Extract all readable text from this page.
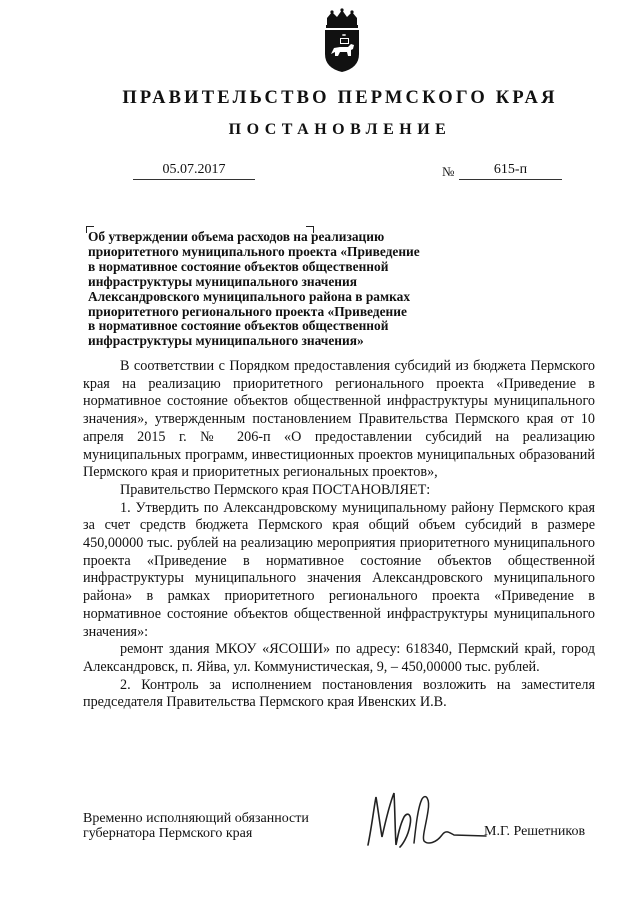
ПРАВИТЕЛЬСТВО ПЕРМСКОГО КРАЯ
ПОСТАНОВЛЕНИЕ
05.07.2017	№	615-п
Об утверждении объема расходов на реализацию
приоритетного муниципального проекта «Приведение
в нормативное состояние объектов общественной
инфраструктуры муниципального значения
Александровского муниципального района в рамках
приоритетного регионального проекта «Приведение
в нормативное состояние объектов общественной
инфраструктуры муниципального значения»

В соответствии с Порядком предоставления субсидий из бюджета Пермского края на реализацию приоритетного регионального проекта «Приведение в нормативное состояние объектов общественной инфраструктуры муниципального значения», утвержденным постановлением Правительства Пермского края от 10 апреля 2015 г. № 206-п «О предоставлении субсидий на реализацию муниципальных программ, инвестиционных проектов муниципальных образований Пермского края и приоритетных региональных проектов»,

Правительство Пермского края ПОСТАНОВЛЯЕТ:

1. Утвердить по Александровскому муниципальному району Пермского края за счет средств бюджета Пермского края общий объем субсидий в размере 450,00000 тыс. рублей на реализацию мероприятия приоритетного муниципального проекта «Приведение в нормативное состояние объектов общественной инфраструктуры муниципального значения Александровского муниципального района» в рамках приоритетного регионального проекта «Приведение в нормативное состояние объектов общественной инфраструктуры муниципального значения»:

ремонт здания МКОУ «ЯСОШИ» по адресу: 618340, Пермский край, город Александровск, п. Яйва, ул. Коммунистическая, 9, – 450,00000 тыс. рублей.

2. Контроль за исполнением постановления возложить на заместителя председателя Правительства Пермского края Ивенских И.В.

Временно исполняющий обязанности
губернатора Пермского края	М.Г. Решетников
